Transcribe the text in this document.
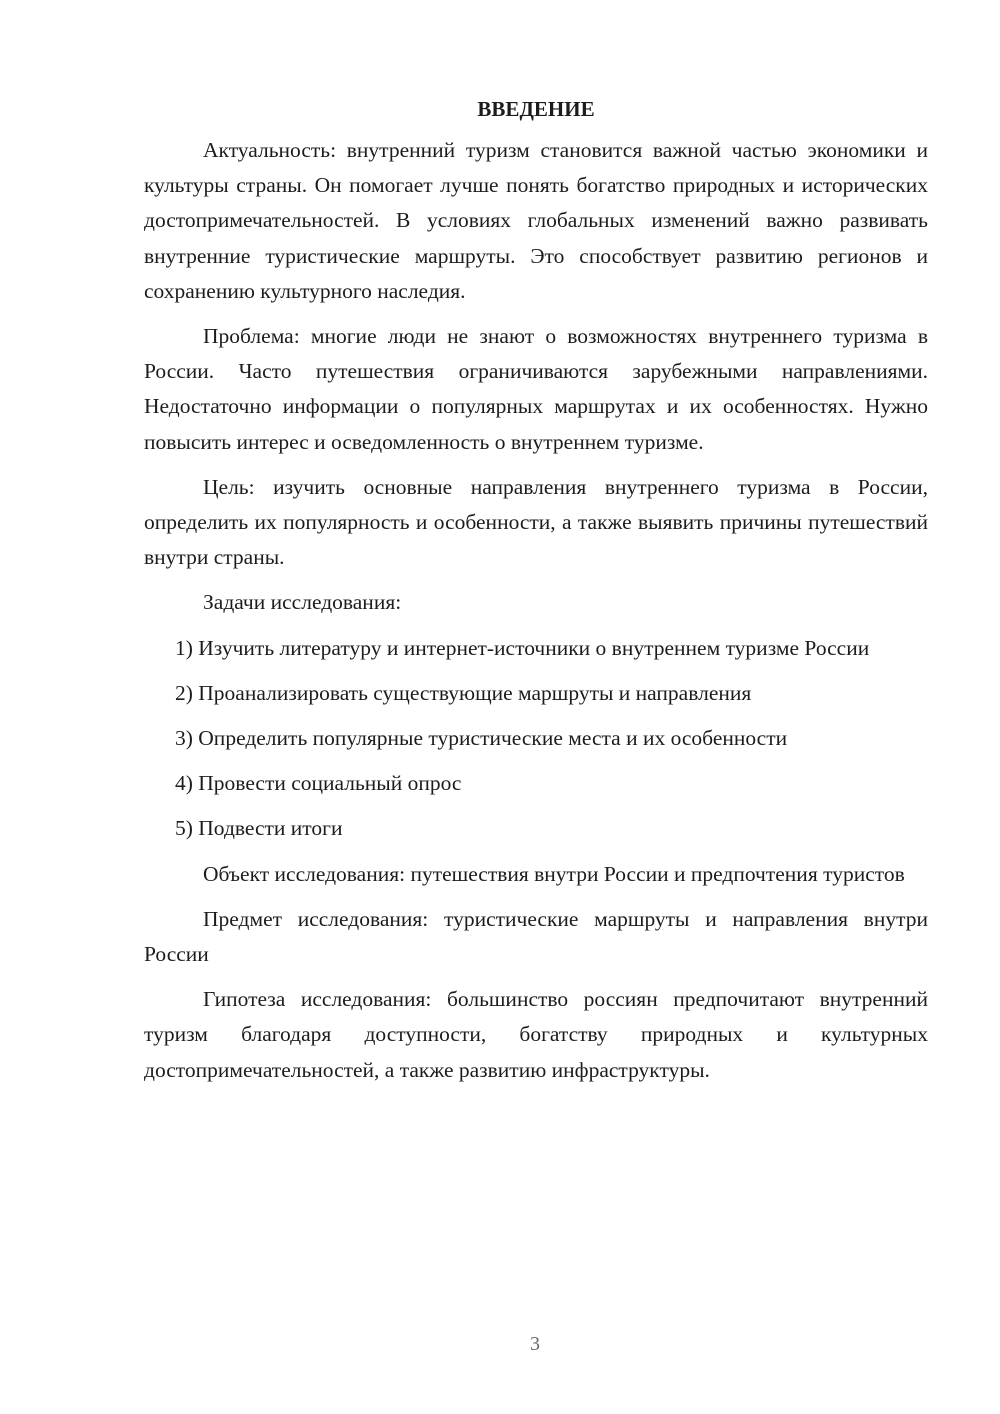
ВВЕДЕНИЕ

Актуальность: внутренний туризм становится важной частью экономики и культуры страны. Он помогает лучше понять богатство природных и исторических достопримечательностей. В условиях глобальных изменений важно развивать внутренние туристические маршруты. Это способствует развитию регионов и сохранению культурного наследия.

Проблема: многие люди не знают о возможностях внутреннего туризма в России. Часто путешествия ограничиваются зарубежными направлениями. Недостаточно информации о популярных маршрутах и их особенностях. Нужно повысить интерес и осведомленность о внутреннем туризме.

Цель: изучить основные направления внутреннего туризма в России, определить их популярность и особенности, а также выявить причины путешествий внутри страны.

Задачи исследования:

1) Изучить литературу и интернет-источники о внутреннем туризме России

2) Проанализировать существующие маршруты и направления

3) Определить популярные туристические места и их особенности

4) Провести социальный опрос

5) Подвести итоги

Объект исследования: путешествия внутри России и предпочтения туристов

Предмет исследования: туристические маршруты и направления внутри России

Гипотеза исследования: большинство россиян предпочитают внутренний туризм благодаря доступности, богатству природных и культурных достопримечательностей, а также развитию инфраструктуры.

3
